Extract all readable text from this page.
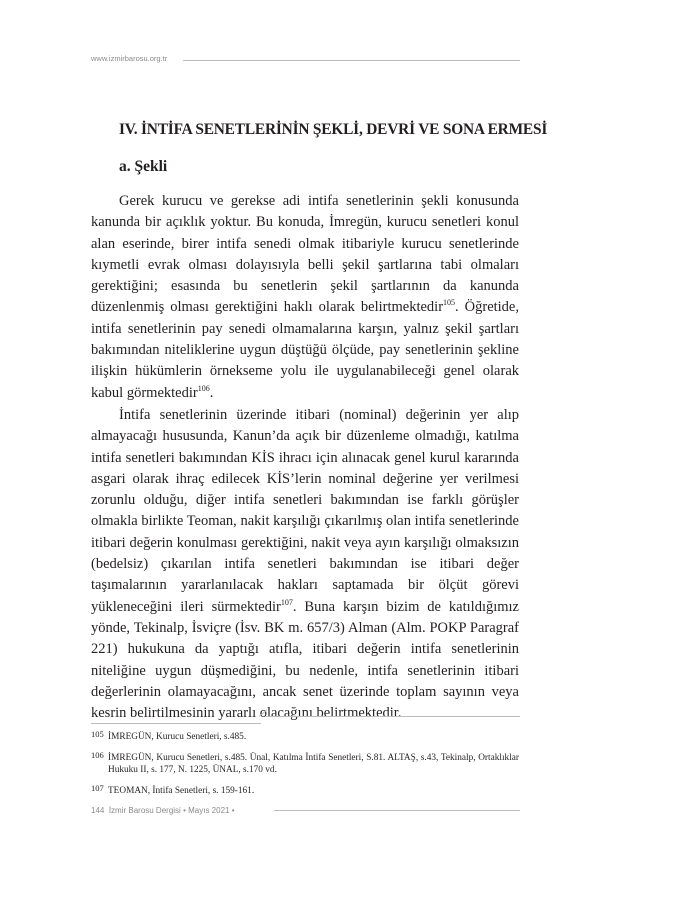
www.izmirbarosu.org.tr
IV. İNTİFA SENETLERİNİN ŞEKLİ, DEVRİ VE SONA ERMESİ
a. Şekli

Gerek kurucu ve gerekse adi intifa senetlerinin şekli konusunda kanunda bir açıklık yoktur. Bu konuda, İmregün, kurucu senetleri konul alan eserinde, birer intifa senedi olmak itibariyle kurucu senetlerinde kıymetli evrak olması dolayısıyla belli şekil şartlarına tabi olmaları gerektiğini; esasında bu senetlerin şekil şartlarının da kanunda düzenlenmiş olması gerektiğini haklı olarak belirtmektedir$^{105}$. Öğretide, intifa senetlerinin pay senedi olmamalarına karşın, yalnız şekil şartları bakımından niteliklerine uygun düştüğü ölçüde, pay senetlerinin şekline ilişkin hükümlerin örnekseme yolu ile uygulanabileceği genel olarak kabul görmektedir$^{106}$.

İntifa senetlerinin üzerinde itibari (nominal) değerinin yer alıp almayacağı hususunda, Kanun’da açık bir düzenleme olmadığı, katılma intifa senetleri bakımından KİS ihracı için alınacak genel kurul kararında asgari olarak ihraç edilecek KİS’lerin nominal değerine yer verilmesi zorunlu olduğu, diğer intifa senetleri bakımından ise farklı görüşler olmakla birlikte Teoman, nakit karşılığı çıkarılmış olan intifa senetlerinde itibari değerin konulması gerektiğini, nakit veya ayın karşılığı olmaksızın (bedelsiz) çıkarılan intifa senetleri bakımından ise itibari değer taşımalarının yararlanılacak hakları saptamada bir ölçüt görevi yükleneceğini ileri sürmektedir$^{107}$. Buna karşın bizim de katıldığımız yönde, Tekinalp, İsviçre (İsv. BK m. 657/3) Alman (Alm. POKP Paragraf 221) hukukuna da yaptığı atıfla, itibari değerin intifa senetlerinin niteliğine uygun düşmediğini, bu nedenle, intifa senetlerinin itibari değerlerinin olamayacağını, ancak senet üzerinde toplam sayının veya kesrin belirtilmesinin yararlı olacağını belirtmektedir.

105 İMREGÜN, Kurucu Senetleri, s.485.
106 İMREGÜN, Kurucu Senetleri, s.485. Ünal, Katılma İntifa Senetleri, S.81. ALTAŞ, s.43, Tekinalp, Ortaklıklar Hukuku II, s. 177, N. 1225, ÜNAL, s.170 vd.
107 TEOMAN, İntifa Senetleri, s. 159-161.
144 İzmir Barosu Dergisi • Mayıs 2021 •
